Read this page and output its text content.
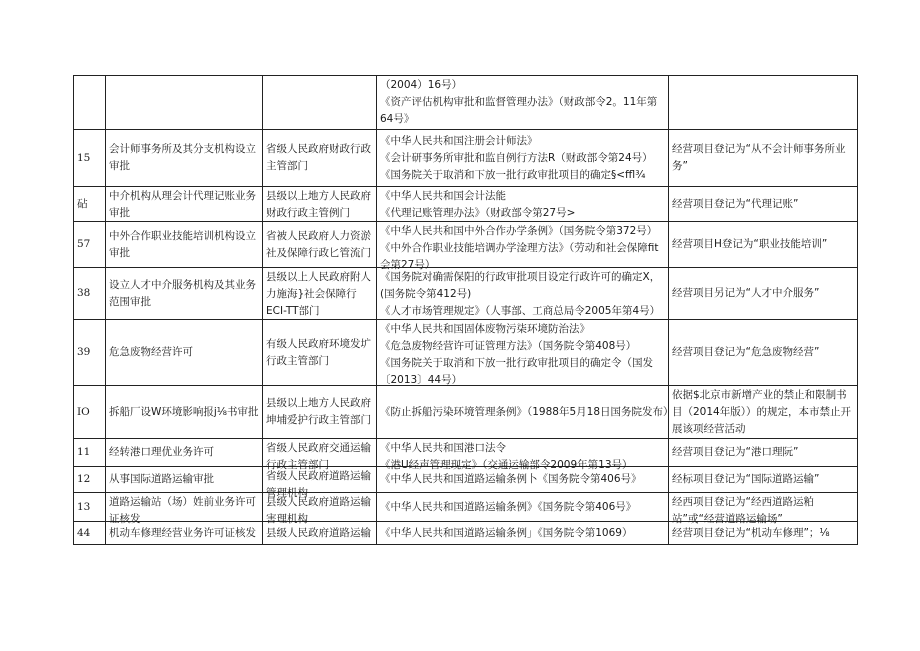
			（2004）16号）
《资产评估机构审批和监督管理办法》（财政部令2。11年第
64号》	

15	会计师事务所及其分支机构设立审批	省级人民政府财政行政主管部门	《中华人民共和国注册会计师法》
《会计研事务所审批和监自例行方法R（财政部令第24号）
《国务院关于取消和下放一批行政审批项目的确定§<ffl¾	经营项目登记为“从不会计师事务所业务”

砧	中介机构从理会计代理记账业务审批	县级以上地方人民政府财政行政主管例门	《中华人民共和国会计法能
《代理记账管理办法》（财政部令第27号>	经营项目登记为“代理记账”

57	中外合作职业技能培训机构设立审批	省被人民政府人力资淤社及保障行政匕管流门	《中华人民共和国中外合作办学条例》（国务院令第372号）
《中外合作职业技能培调办学淦理方法》（劳动和社会保障fit
会第27号）	经营项目H登记为“职业技能培训”

38	设立人才中介服务机构及其业务范围审批	县级以上人民政府附人力施海}社会保障行ECI-TT部门	《国务院对确需保阳的行政审批项目设定行政许可的确定X，
(国务院令第412号)
《人才市场管理规定》（人事部、工商总局令2005年第4号）	经营项目另记为“人才中介服务”

39	危急废物经营许可	有级人民政府环境发圹行政主管部门	《中华人民共和国固体废物污柒环境防治法》
《危急废物经营许可证管理方法》（国务院令第408号）
《国务院关于取消和下放一批行政审批项目的确定令（国发
〔2013〕44号）	经营项目登记为“危急废物经营”

IO	拆船厂设W环境影响报j⅛书审批	县级以上地方人民政府坤埔爱护行政主管部门	《防止拆船污染环境管理条例》（1988年5月18日国务院发布）	依据$北京市新增产业的禁止和限制书目（2014年版））的规定，本市禁止开展该项经营活动

11	经转港口理优业务许可	省级人民政府交通运输行政主管部门	《中华人民共和国港口法令
《港U经声管理现定》（交通运输部令2009年第13号）	经营项目登记为“港口理阮”

12	从事国际道路运输审批	省级人民政府道路运输管理机构	《中华人民共和国道路运输条例卜《国务院令第406号》	经标项目登记为“国际道路运输”

13	道路运输站（场）姓前业务许可证核发	县级人民政府道路运输害理机构	《中华人民共和国道路运输条例》《国务院令第406号》	经西项目登记为“经西道路运粕站”或“经营道路运输场”

44	机动车修理经营业务许可证核发	县级人民政府道路运输	《中华人民共和国道路运输条例」《国务院令第1069）	经营项目登记为“机动车修理”；⅛
